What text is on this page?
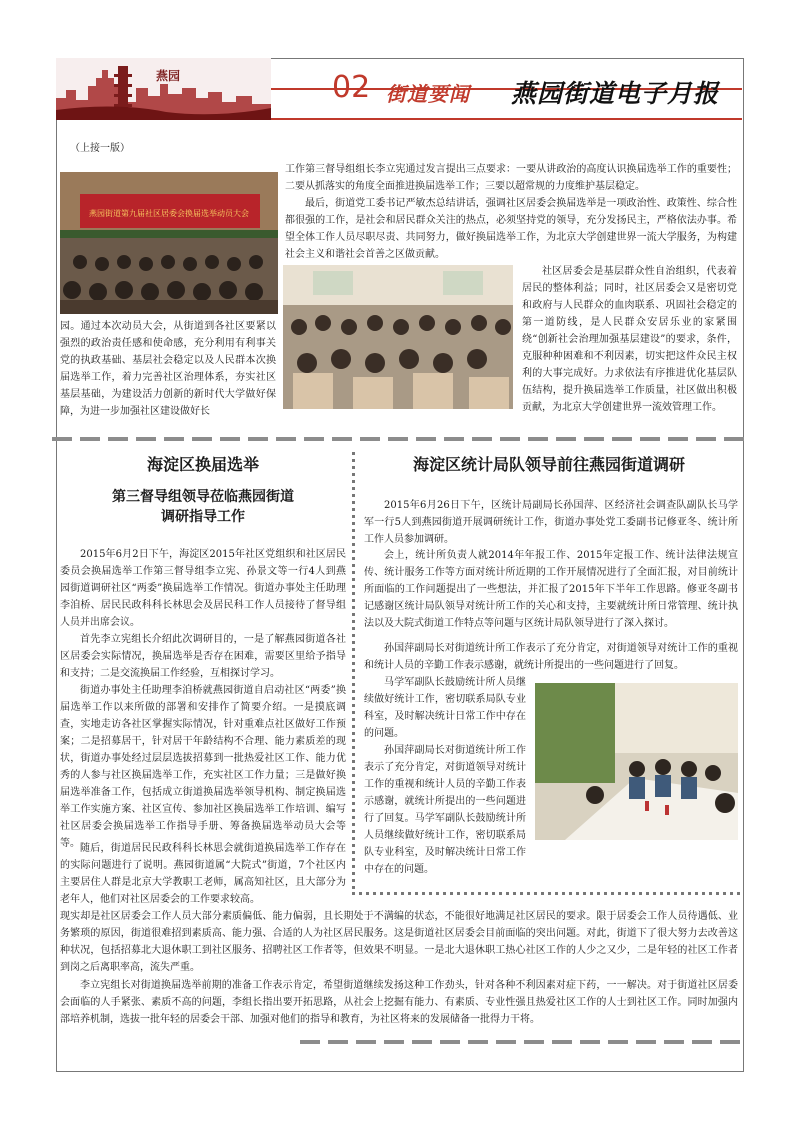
燕园	02 街道要闻 燕园街道电子月报
（上接一版）
燕园街道第九届社区居委会换届选举动员大会

工作第三督导组组长李立宪通过发言提出三点要求：一要从讲政治的高度认识换届选举工作的重要性；二要从抓落实的角度全面推进换届选举工作；三要以超常规的力度维护基层稳定。

最后，街道党工委书记严敏杰总结讲话，强调社区居委会换届选举是一项政治性、政策性、综合性都很强的工作，是社会和居民群众关注的热点，必须坚持党的领导，充分发扬民主，严格依法办事。希望全体工作人员尽职尽责、共同努力，做好换届选举工作，为北京大学创建世界一流大学服务，为构建社会主义和谐社会首善之区做贡献。

社区居委会是基层群众性自治组织，代表着居民的整体利益；同时，社区居委会又是密切党和政府与人民群众的血肉联系、巩固社会稳定的第一道防线，是人民群众安居乐业的家紧围绕“创新社会治理加强基层建设”的要求，条件，克服种种困难和不利因素，切实把这件众民主权利的大事完成好。力求依法有序推进优化基层队伍结构，提升换届选举工作质量，社区做出积极贡献，为北京大学创建世界一流效管理工作。

园。通过本次动员大会，从街道到各社区要紧以强烈的政治责任感和使命感，充分利用有利事关党的执政基础、基层社会稳定以及人民群本次换届选举工作，着力完善社区治理体系，夯实社区基层基础，为建设活力创新的新时代大学做好保障，为进一步加强社区建设做好长

海淀区换届选举
第三督导组领导莅临燕园街道
调研指导工作

2015年6月2日下午，海淀区2015年社区党组织和社区居民委员会换届选举工作第三督导组李立宪、孙景文等一行4人到燕园街道调研社区“两委”换届选举工作情况。街道办事处主任助理李洎桥、居民民政科科长林思会及居民科工作人员接待了督导组人员并出席会议。

首先李立宪组长介绍此次调研目的，一是了解燕园街道各社区居委会实际情况，换届选举是否存在困难，需要区里给予指导和支持；二是交流换届工作经验，互相探讨学习。

街道办事处主任助理李洎桥就燕园街道自启动社区“两委”换届选举工作以来所做的部署和安排作了简要介绍。一是摸底调查，实地走访各社区掌握实际情况，针对重难点社区做好工作预案；二是招募居干，针对居干年龄结构不合理、能力素质差的现状，街道办事处经过层层选拔招募到一批热爱社区工作、能力优秀的人参与社区换届选举工作，充实社区工作力量；三是做好换届选举准备工作，包括成立街道换届选举领导机构、制定换届选举工作实施方案、社区宣传、参加社区换届选举工作培训、编写社区居委会换届选举工作指导手册、筹备换届选举动员大会等等。 随后，街道居民民政科科长林思会就街道换届选举工作存在的实际问题进行了说明。燕园街道属“大院式”街道，7个社区内主要居住人群是北京大学教职工老师，属高知社区，且大部分为老年人，他们对社区居委会的工作要求较高。

海淀区统计局队领导前往燕园街道调研

2015年6月26日下午，区统计局副局长孙国萍、区经济社会调查队副队长马学军一行5人到燕园街道开展调研统计工作，街道办事处党工委副书记修亚冬、统计所工作人员参加调研。

会上，统计所负责人就2014年年报工作、2015年定报工作、统计法律法规宣传、统计服务工作等方面对统计所近期的工作开展情况进行了全面汇报，对目前统计所面临的工作问题提出了一些想法，并汇报了2015年下半年工作思路。修亚冬副书记感谢区统计局队领导对统计所工作的关心和支持，主要就统计所日常管理、统计执法以及大院式街道工作特点等问题与区统计局队领导进行了深入探讨。

孙国萍副局长对街道统计所工作表示了充分肯定，对街道领导对统计工作的重视和统计人员的辛勤工作表示感谢，就统计所提出的一些问题进行了回复。

马学军副队长鼓励统计所人员继续做好统计工作，密切联系局队专业科室，及时解决统计日常工作中存在的问题。

孙国萍副局长对街道统计所工作表示了充分肯定，对街道领导对统计工作的重视和统计人员的辛勤工作表示感谢，就统计所提出的一些问题进行了回复。马学军副队长鼓励统计所人员继续做好统计工作，密切联系局队专业科室，及时解决统计日常工作中存在的问题。

现实却是社区居委会工作人员大部分素质偏低、能力偏弱，且长期处于不满编的状态，不能很好地满足社区居民的要求。限于居委会工作人员待遇低、业务繁琐的原因，街道很难招到素质高、能力强、合适的人为社区居民服务。这是街道社区居委会目前面临的突出问题。对此，街道下了很大努力去改善这种状况，包括招募北大退休职工到社区服务、招聘社区工作者等，但效果不明显。一是北大退休职工热心社区工作的人少之又少，二是年轻的社区工作者到岗之后离职率高，流失严重。

李立宪组长对街道换届选举前期的准备工作表示肯定，希望街道继续发扬这种工作劲头，针对各种不利因素对症下药，一一解决。对于街道社区居委会面临的人手紧张、素质不高的问题，李组长指出要开拓思路，从社会上挖掘有能力、有素质、专业性强且热爱社区工作的人士到社区工作。同时加强内部培养机制，选拔一批年轻的居委会干部、加强对他们的指导和教育，为社区将来的发展储备一批得力干将。
